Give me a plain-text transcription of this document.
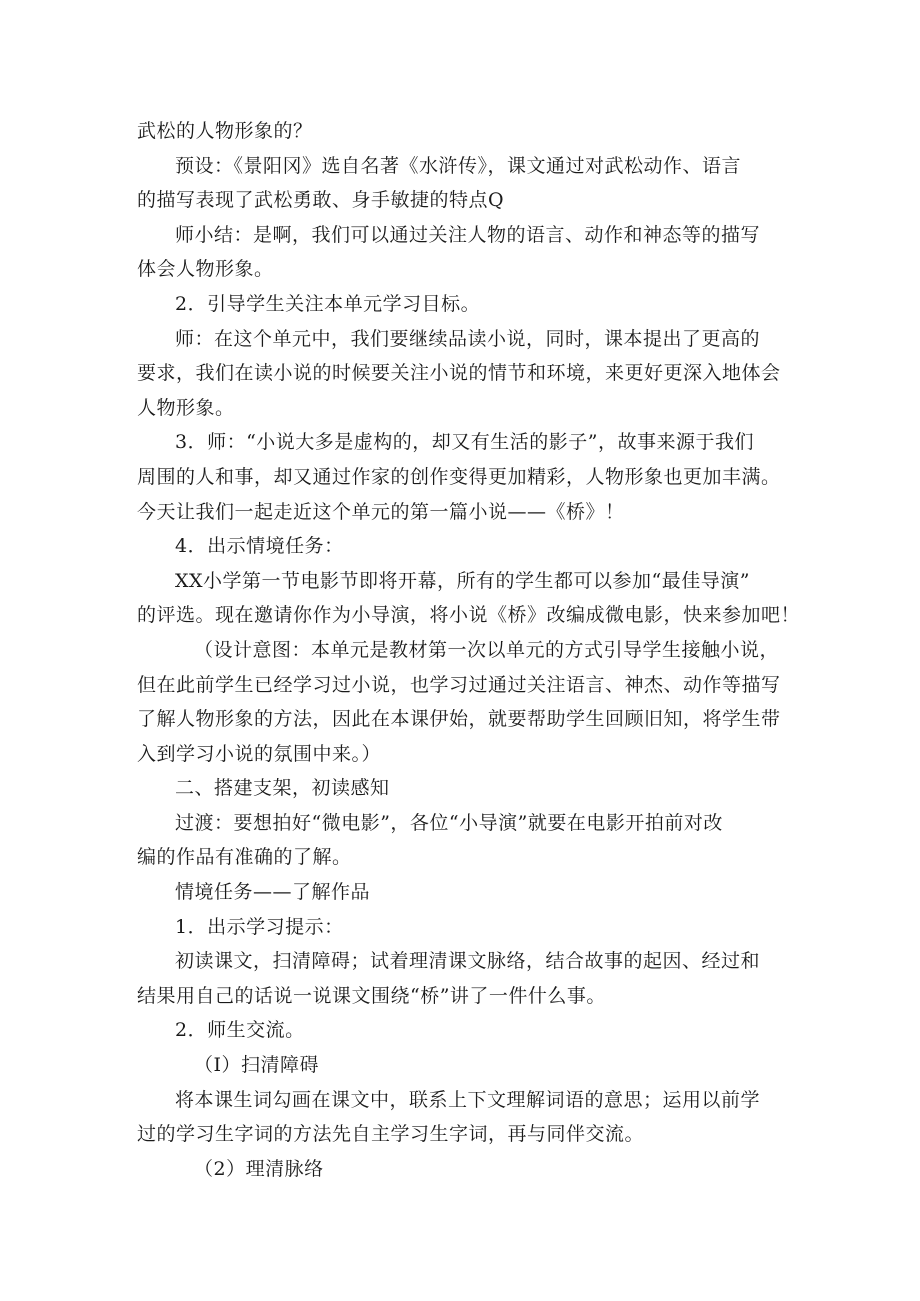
武松的人物形象的？
预设：《景阳冈》选自名著《水浒传》，课文通过对武松动作、语言
的描写表现了武松勇敢、身手敏捷的特点Q
师小结：是啊，我们可以通过关注人物的语言、动作和神态等的描写
体会人物形象。
2．引导学生关注本单元学习目标。
师：在这个单元中，我们要继续品读小说，同时，课本提出了更高的
要求，我们在读小说的时候要关注小说的情节和环境，来更好更深入地体会
人物形象。
3．师：“小说大多是虚构的，却又有生活的影子”，故事来源于我们
周围的人和事，却又通过作家的创作变得更加精彩，人物形象也更加丰满。
今天让我们一起走近这个单元的第一篇小说——《桥》！
4．出示情境任务：
XX小学第一节电影节即将开幕，所有的学生都可以参加“最佳导演”
的评选。现在邀请你作为小导演，将小说《桥》改编成微电影，快来参加吧！
（设计意图：本单元是教材第一次以单元的方式引导学生接触小说，
但在此前学生已经学习过小说，也学习过通过关注语言、神杰、动作等描写
了解人物形象的方法，因此在本课伊始，就要帮助学生回顾旧知，将学生带
入到学习小说的氛围中来。）
二、搭建支架，初读感知
过渡：要想拍好“微电影”，各位“小导演”就要在电影开拍前对改
编的作品有准确的了解。
情境任务——了解作品
1．出示学习提示：
初读课文，扫清障碍；试着理清课文脉络，结合故事的起因、经过和
结果用自己的话说一说课文围绕“桥”讲了一件什么事。
2．师生交流。
（I）扫清障碍
将本课生词勾画在课文中，联系上下文理解词语的意思；运用以前学
过的学习生字词的方法先自主学习生字词，再与同伴交流。
（2）理清脉络
